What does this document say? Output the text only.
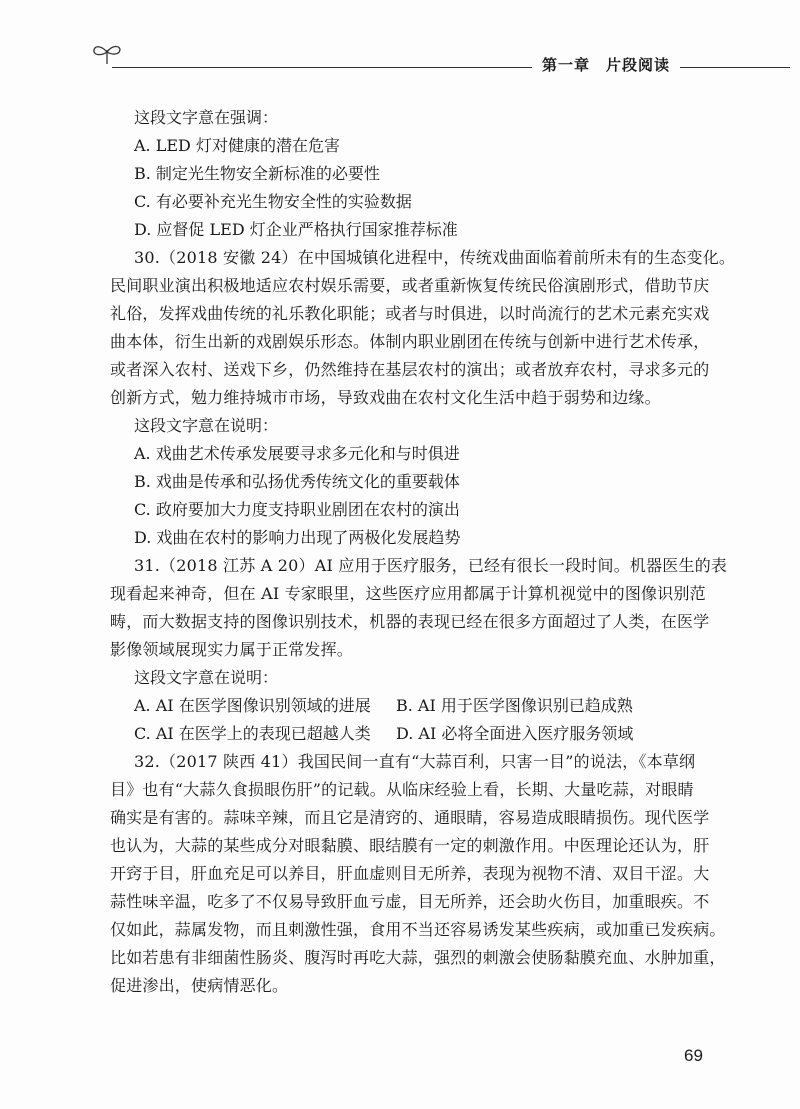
第一章　片段阅读
这段文字意在强调：
A. LED 灯对健康的潜在危害
B. 制定光生物安全新标准的必要性
C. 有必要补充光生物安全性的实验数据
D. 应督促 LED 灯企业严格执行国家推荐标准
30.（2018 安徽 24）在中国城镇化进程中，传统戏曲面临着前所未有的生态变化。
民间职业演出积极地适应农村娱乐需要，或者重新恢复传统民俗演剧形式，借助节庆
礼俗，发挥戏曲传统的礼乐教化职能；或者与时俱进，以时尚流行的艺术元素充实戏
曲本体，衍生出新的戏剧娱乐形态。体制内职业剧团在传统与创新中进行艺术传承，
或者深入农村、送戏下乡，仍然维持在基层农村的演出；或者放弃农村，寻求多元的
创新方式，勉力维持城市市场，导致戏曲在农村文化生活中趋于弱势和边缘。
这段文字意在说明：
A. 戏曲艺术传承发展要寻求多元化和与时俱进
B. 戏曲是传承和弘扬优秀传统文化的重要载体
C. 政府要加大力度支持职业剧团在农村的演出
D. 戏曲在农村的影响力出现了两极化发展趋势
31.（2018 江苏 A 20）AI 应用于医疗服务，已经有很长一段时间。机器医生的表
现看起来神奇，但在 AI 专家眼里，这些医疗应用都属于计算机视觉中的图像识别范
畴，而大数据支持的图像识别技术，机器的表现已经在很多方面超过了人类，在医学
影像领域展现实力属于正常发挥。
这段文字意在说明：
A. AI 在医学图像识别领域的进展	B. AI 用于医学图像识别已趋成熟
C. AI 在医学上的表现已超越人类	D. AI 必将全面进入医疗服务领域
32.（2017 陕西 41）我国民间一直有“大蒜百利，只害一目”的说法，《本草纲
目》也有“大蒜久食损眼伤肝”的记载。从临床经验上看，长期、大量吃蒜，对眼睛
确实是有害的。蒜味辛辣，而且它是清窍的、通眼睛，容易造成眼睛损伤。现代医学
也认为，大蒜的某些成分对眼黏膜、眼结膜有一定的刺激作用。中医理论还认为，肝
开窍于目，肝血充足可以养目，肝血虚则目无所养，表现为视物不清、双目干涩。大
蒜性味辛温，吃多了不仅易导致肝血亏虚，目无所养，还会助火伤目，加重眼疾。不
仅如此，蒜属发物，而且刺激性强，食用不当还容易诱发某些疾病，或加重已发疾病。
比如若患有非细菌性肠炎、腹泻时再吃大蒜，强烈的刺激会使肠黏膜充血、水肿加重，
促进渗出，使病情恶化。
69
